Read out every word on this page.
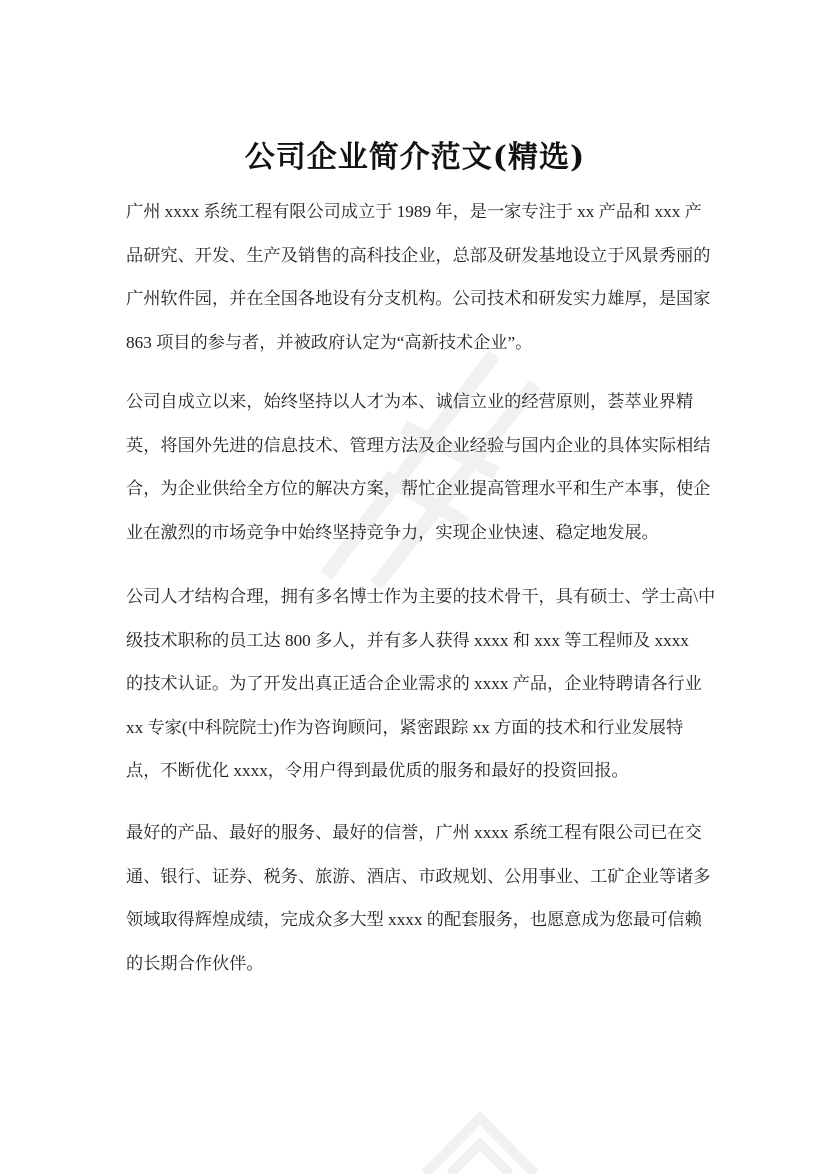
公司企业简介范文(精选)
广州 xxxx 系统工程有限公司成立于 1989 年，是一家专注于 xx 产品和 xxx 产
品研究、开发、生产及销售的高科技企业，总部及研发基地设立于风景秀丽的
广州软件园，并在全国各地设有分支机构。公司技术和研发实力雄厚，是国家
863 项目的参与者，并被政府认定为“高新技术企业”。
公司自成立以来，始终坚持以人才为本、诚信立业的经营原则，荟萃业界精
英，将国外先进的信息技术、管理方法及企业经验与国内企业的具体实际相结
合，为企业供给全方位的解决方案，帮忙企业提高管理水平和生产本事，使企
业在激烈的市场竞争中始终坚持竞争力，实现企业快速、稳定地发展。
公司人才结构合理，拥有多名博士作为主要的技术骨干，具有硕士、学士高\中
级技术职称的员工达 800 多人，并有多人获得 xxxx 和 xxx 等工程师及 xxxx
的技术认证。为了开发出真正适合企业需求的 xxxx 产品，企业特聘请各行业
xx 专家(中科院院士)作为咨询顾问，紧密跟踪 xx 方面的技术和行业发展特
点，不断优化 xxxx，令用户得到最优质的服务和最好的投资回报。
最好的产品、最好的服务、最好的信誉，广州 xxxx 系统工程有限公司已在交
通、银行、证券、税务、旅游、酒店、市政规划、公用事业、工矿企业等诸多
领域取得辉煌成绩，完成众多大型 xxxx 的配套服务，也愿意成为您最可信赖
的长期合作伙伴。
